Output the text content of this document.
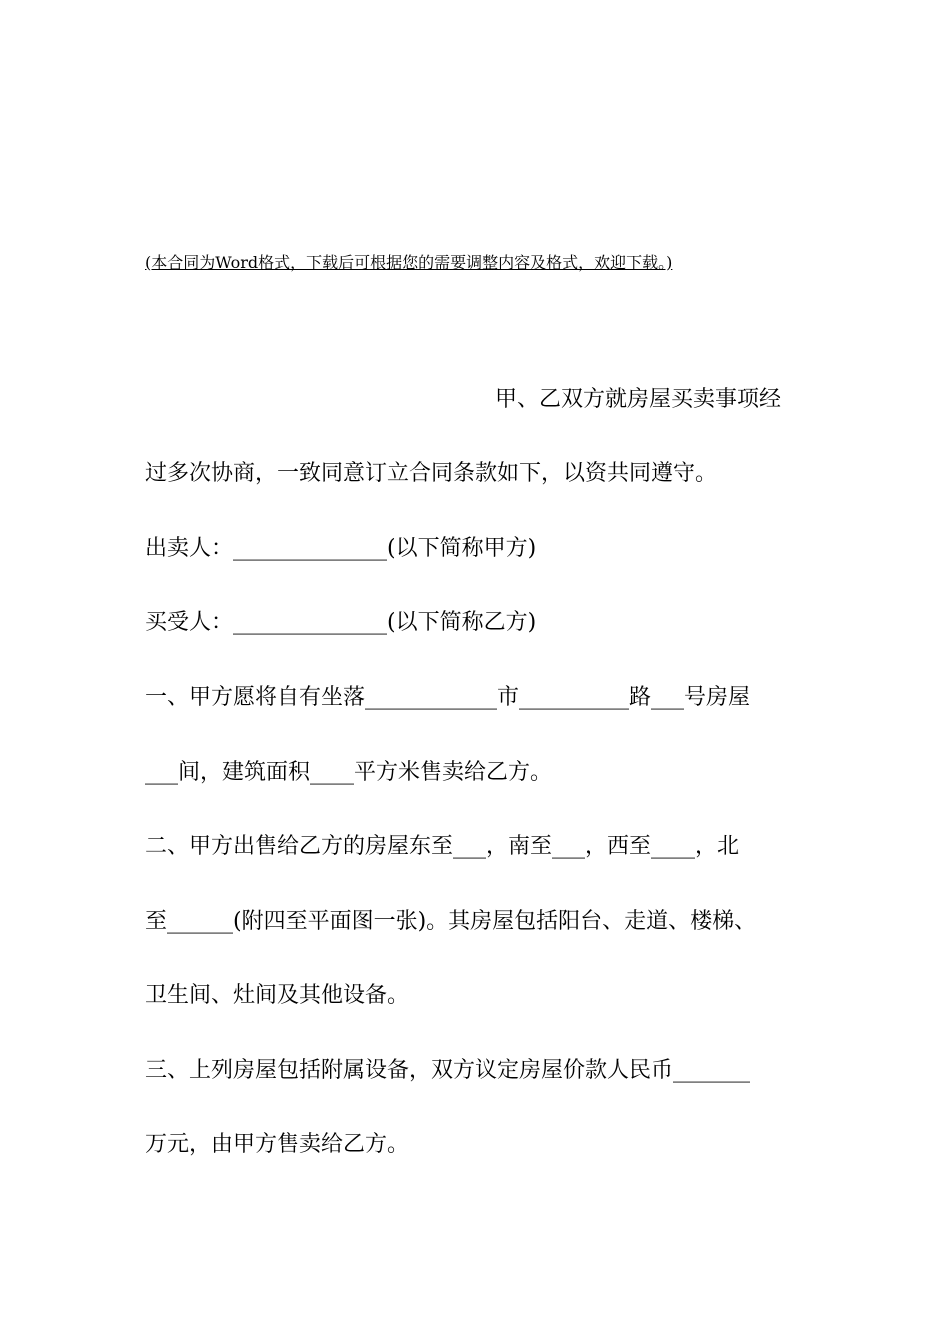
(本合同为Word格式，下载后可根据您的需要调整内容及格式，欢迎下载。)
甲、乙双方就房屋买卖事项经
过多次协商，一致同意订立合同条款如下，以资共同遵守。
出卖人：______________(以下简称甲方)
买受人：______________(以下简称乙方)
一、甲方愿将自有坐落____________市__________路___号房屋
___间，建筑面积____平方米售卖给乙方。
二、甲方出售给乙方的房屋东至___，南至___，西至____，北
至______(附四至平面图一张)。其房屋包括阳台、走道、楼梯、
卫生间、灶间及其他设备。
三、上列房屋包括附属设备，双方议定房屋价款人民币_______
万元，由甲方售卖给乙方。
